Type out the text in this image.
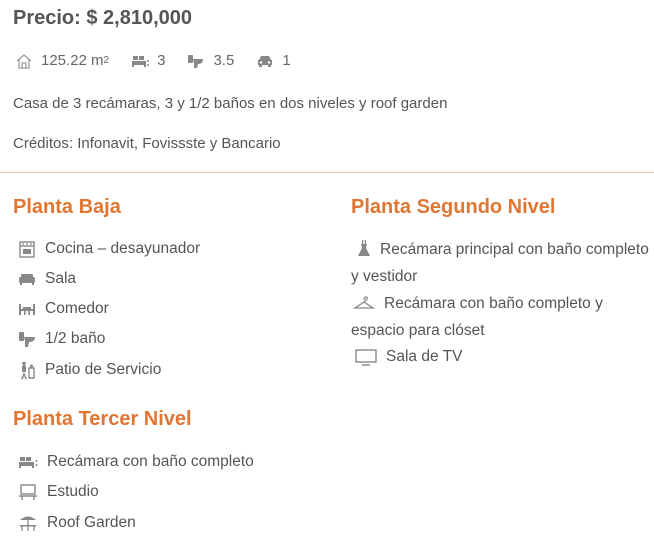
Precio: $ 2,810,000
125.22 m 2	3	3.5	1
Casa de 3 recámaras, 3 y 1/2 baños en dos niveles y roof garden
Créditos: Infonavit, Fovissste y Bancario
Planta Baja
Cocina – desayunador
Sala
Comedor
1/2 baño
Patio de Servicio
Planta Segundo Nivel
Recámara principal con baño completo y vestidor
Recámara con baño completo y espacio para clóset
Sala de TV
Planta Tercer Nivel
Recámara con baño completo
Estudio
Roof Garden
